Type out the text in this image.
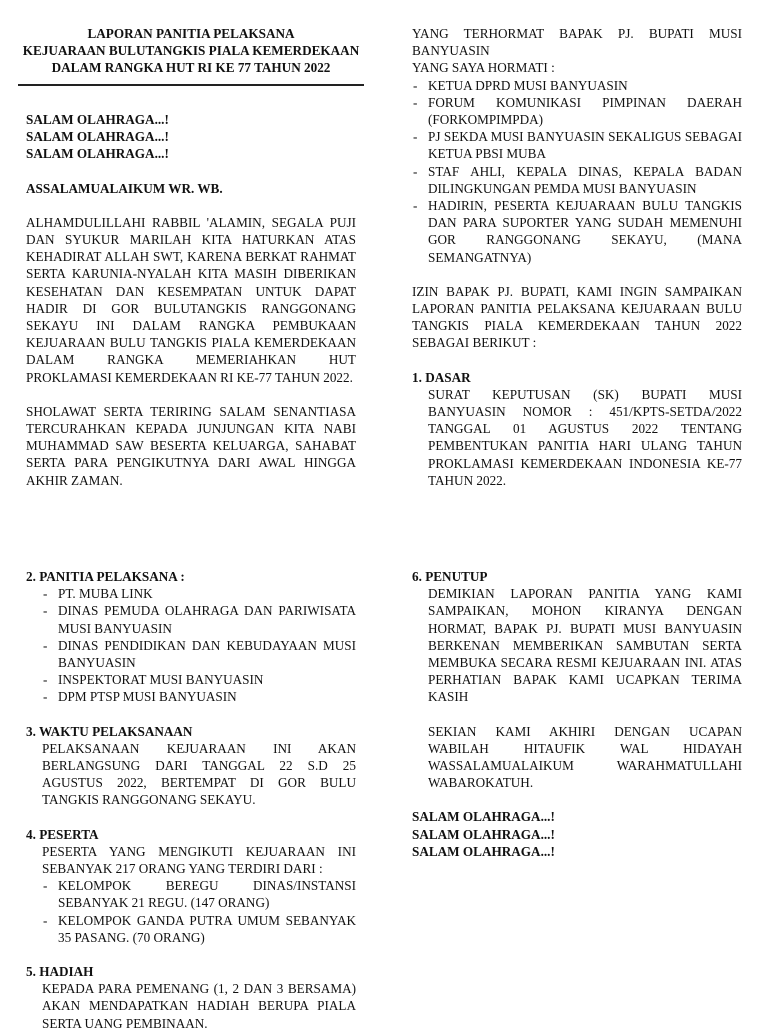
LAPORAN PANITIA PELAKSANA
KEJUARAAN BULUTANGKIS PIALA KEMERDEKAAN
DALAM RANGKA HUT RI KE 77 TAHUN 2022
SALAM OLAHRAGA...!
SALAM OLAHRAGA...!
SALAM OLAHRAGA...!
ASSALAMUALAIKUM WR. WB.

ALHAMDULILLAHI RABBIL 'ALAMIN, SEGALA PUJI DAN SYUKUR MARILAH KITA HATURKAN ATAS KEHADIRAT ALLAH SWT, KARENA BERKAT RAHMAT SERTA KARUNIA-NYALAH KITA MASIH DIBERIKAN KESEHATAN DAN KESEMPATAN UNTUK DAPAT HADIR DI GOR BULUTANGKIS RANGGONANG SEKAYU INI DALAM RANGKA PEMBUKAAN KEJUARAAN BULU TANGKIS PIALA KEMERDEKAAN DALAM RANGKA MEMERIAHKAN HUT PROKLAMASI KEMERDEKAAN RI KE-77 TAHUN 2022.

SHOLAWAT SERTA TERIRING SALAM SENANTIASA TERCURAHKAN KEPADA JUNJUNGAN KITA NABI MUHAMMAD SAW BESERTA KELUARGA, SAHABAT SERTA PARA PENGIKUTNYA DARI AWAL HINGGA AKHIR ZAMAN.

YANG TERHORMAT BAPAK PJ. BUPATI MUSI BANYUASIN

YANG SAYA HORMATI :
- KETUA DPRD MUSI BANYUASIN
- FORUM KOMUNIKASI PIMPINAN DAERAH (FORKOMPIMPDA)
- PJ SEKDA MUSI BANYUASIN SEKALIGUS SEBAGAI KETUA PBSI MUBA
- STAF AHLI, KEPALA DINAS, KEPALA BADAN DILINGKUNGAN PEMDA MUSI BANYUASIN
- HADIRIN, PESERTA KEJUARAAN BULU TANGKIS DAN PARA SUPORTER YANG SUDAH MEMENUHI GOR RANGGONANG SEKAYU, (MANA SEMANGATNYA)

IZIN BAPAK PJ. BUPATI, KAMI INGIN SAMPAIKAN LAPORAN PANITIA PELAKSANA KEJUARAAN BULU TANGKIS PIALA KEMERDEKAAN TAHUN 2022 SEBAGAI BERIKUT :

1. DASAR

SURAT KEPUTUSAN (SK) BUPATI MUSI BANYUASIN NOMOR : 451/KPTS-SETDA/2022 TANGGAL 01 AGUSTUS 2022 TENTANG PEMBENTUKAN PANITIA HARI ULANG TAHUN PROKLAMASI KEMERDEKAAN INDONESIA KE-77 TAHUN 2022.

2. PANITIA PELAKSANA :
- PT. MUBA LINK
- DINAS PEMUDA OLAHRAGA DAN PARIWISATA MUSI BANYUASIN
- DINAS PENDIDIKAN DAN KEBUDAYAAN MUSI BANYUASIN
- INSPEKTORAT MUSI BANYUASIN
- DPM PTSP MUSI BANYUASIN
3. WAKTU PELAKSANAAN

PELAKSANAAN KEJUARAAN INI AKAN BERLANGSUNG DARI TANGGAL 22 S.D 25 AGUSTUS 2022, BERTEMPAT DI GOR BULU TANGKIS RANGGONANG SEKAYU.

4. PESERTA

PESERTA YANG MENGIKUTI KEJUARAAN INI SEBANYAK 217 ORANG YANG TERDIRI DARI :

- KELOMPOK BEREGU DINAS/INSTANSI SEBANYAK 21 REGU. (147 ORANG)
- KELOMPOK GANDA PUTRA UMUM SEBANYAK 35 PASANG. (70 ORANG)
5. HADIAH

KEPADA PARA PEMENANG (1, 2 DAN 3 BERSAMA) AKAN MENDAPATKAN HADIAH BERUPA PIALA SERTA UANG PEMBINAAN.

6. PENUTUP

DEMIKIAN LAPORAN PANITIA YANG KAMI SAMPAIKAN, MOHON KIRANYA DENGAN HORMAT, BAPAK PJ. BUPATI MUSI BANYUASIN BERKENAN MEMBERIKAN SAMBUTAN SERTA MEMBUKA SECARA RESMI KEJUARAAN INI. ATAS PERHATIAN BAPAK KAMI UCAPKAN TERIMA KASIH

SEKIAN KAMI AKHIRI DENGAN UCAPAN WABILAH HITAUFIK WAL HIDAYAH WASSALAMUALAIKUM WARAHMATULLAHI WABAROKATUH.

SALAM OLAHRAGA...!
SALAM OLAHRAGA...!
SALAM OLAHRAGA...!
